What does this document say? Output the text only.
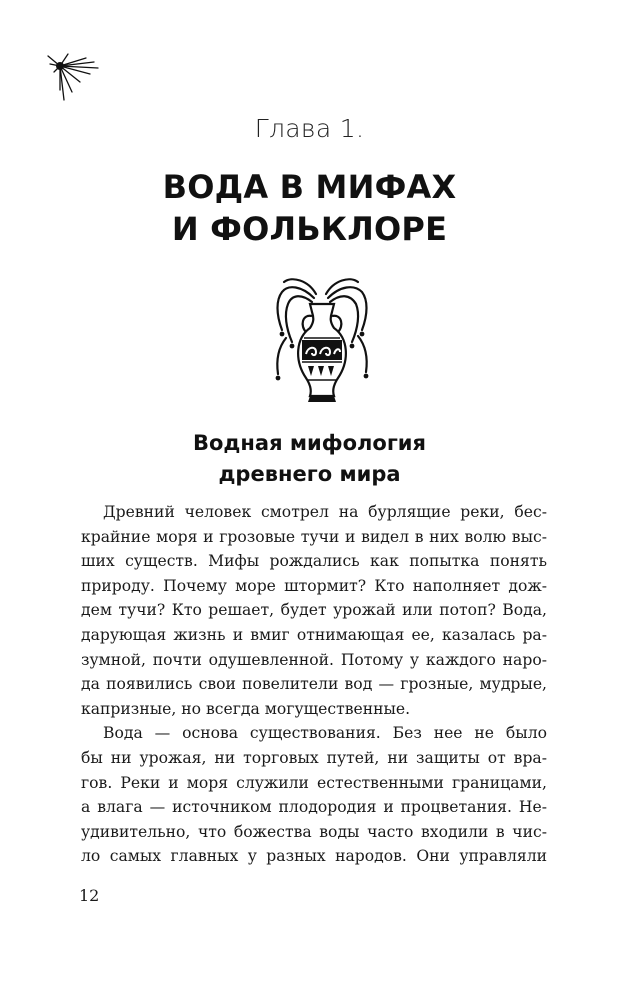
Глава 1.
ВОДА В МИФАХ
И ФОЛЬКЛОРЕ
Водная мифология
древнего мира
Древний человек смотрел на бурлящие реки, бес-
крайние моря и грозовые тучи и видел в них волю выс-
ших существ. Мифы рождались как попытка понять
природу. Почему море штормит? Кто наполняет дож-
дем тучи? Кто решает, будет урожай или потоп? Вода,
дарующая жизнь и вмиг отнимающая ее, казалась ра-
зумной, почти одушевленной. Потому у каждого наро-
да появились свои повелители вод — грозные, мудрые,
капризные, но всегда могущественные.
Вода — основа существования. Без нее не было
бы ни урожая, ни торговых путей, ни защиты от вра-
гов. Реки и моря служили естественными границами,
а влага — источником плодородия и процветания. Не-
удивительно, что божества воды часто входили в чис-
ло самых главных у разных народов. Они управляли
12
